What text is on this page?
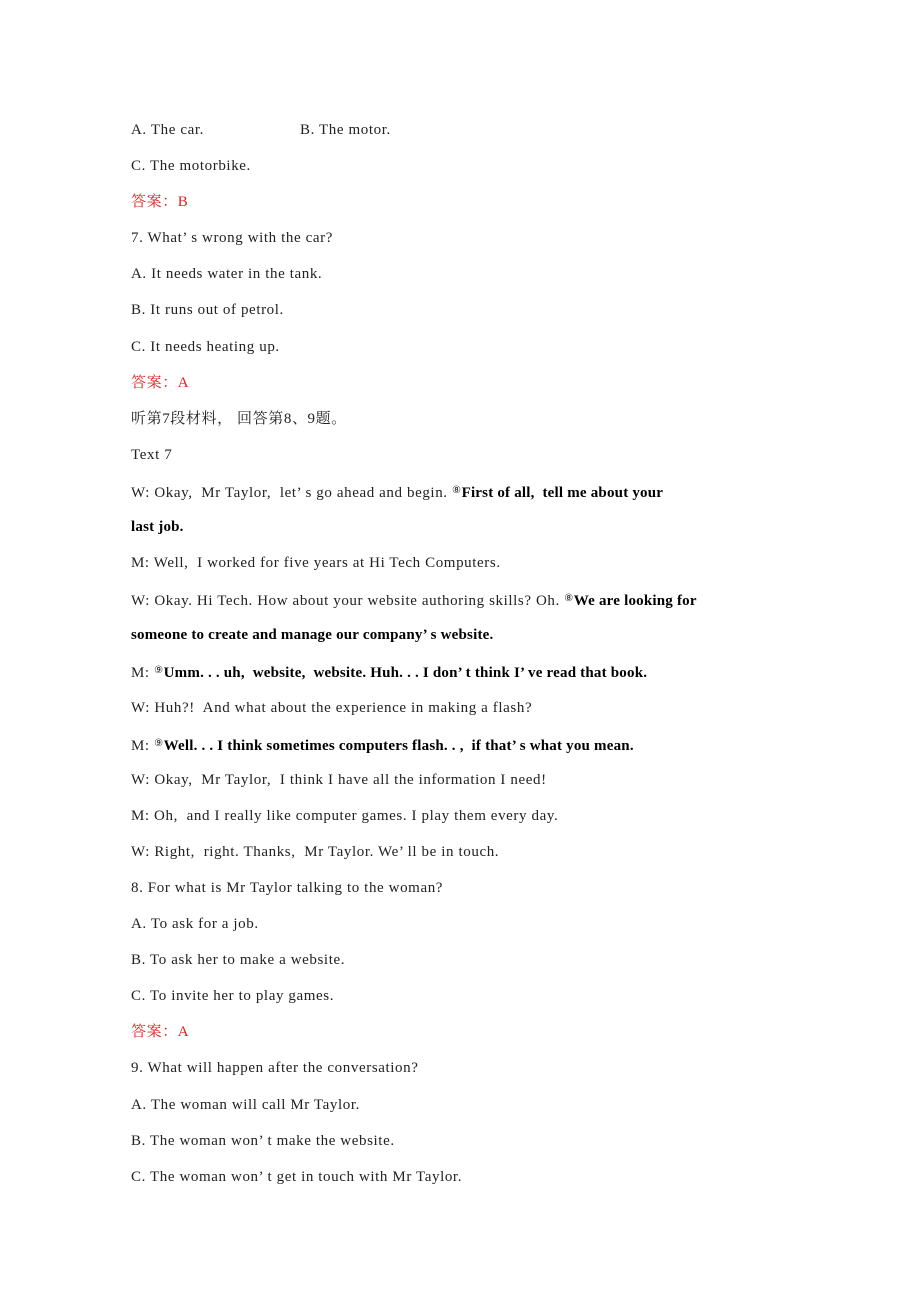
A. The car.	B. The motor.
C. The motorbike.
答案：B
7. What’ s wrong with the car?
A. It needs water in the tank.
B. It runs out of petrol.
C. It needs heating up.
答案：A
听第7段材料， 回答第8、9题。
Text 7
W: Okay,  Mr Taylor,  let’ s go ahead and begin. ⑧First of all,  tell me about your
last job.
M: Well,  I worked for five years at Hi Tech Computers.
W: Okay. Hi Tech. How about your website authoring skills? Oh. ⑧We are looking for
someone to create and manage our company’ s website.
M: ⑨Umm. . . uh,  website,  website. Huh. . . I don’ t think I’ ve read that book.
W: Huh?!  And what about the experience in making a flash?
M: ⑨Well. . . I think sometimes computers flash. . ,  if that’ s what you mean.
W: Okay,  Mr Taylor,  I think I have all the information I need!
M: Oh,  and I really like computer games. I play them every day.
W: Right,  right. Thanks,  Mr Taylor. We’ ll be in touch.
8. For what is Mr Taylor talking to the woman?
A. To ask for a job.
B. To ask her to make a website.
C. To invite her to play games.
答案：A
9. What will happen after the conversation?
A. The woman will call Mr Taylor.
B. The woman won’ t make the website.
C. The woman won’ t get in touch with Mr Taylor.
